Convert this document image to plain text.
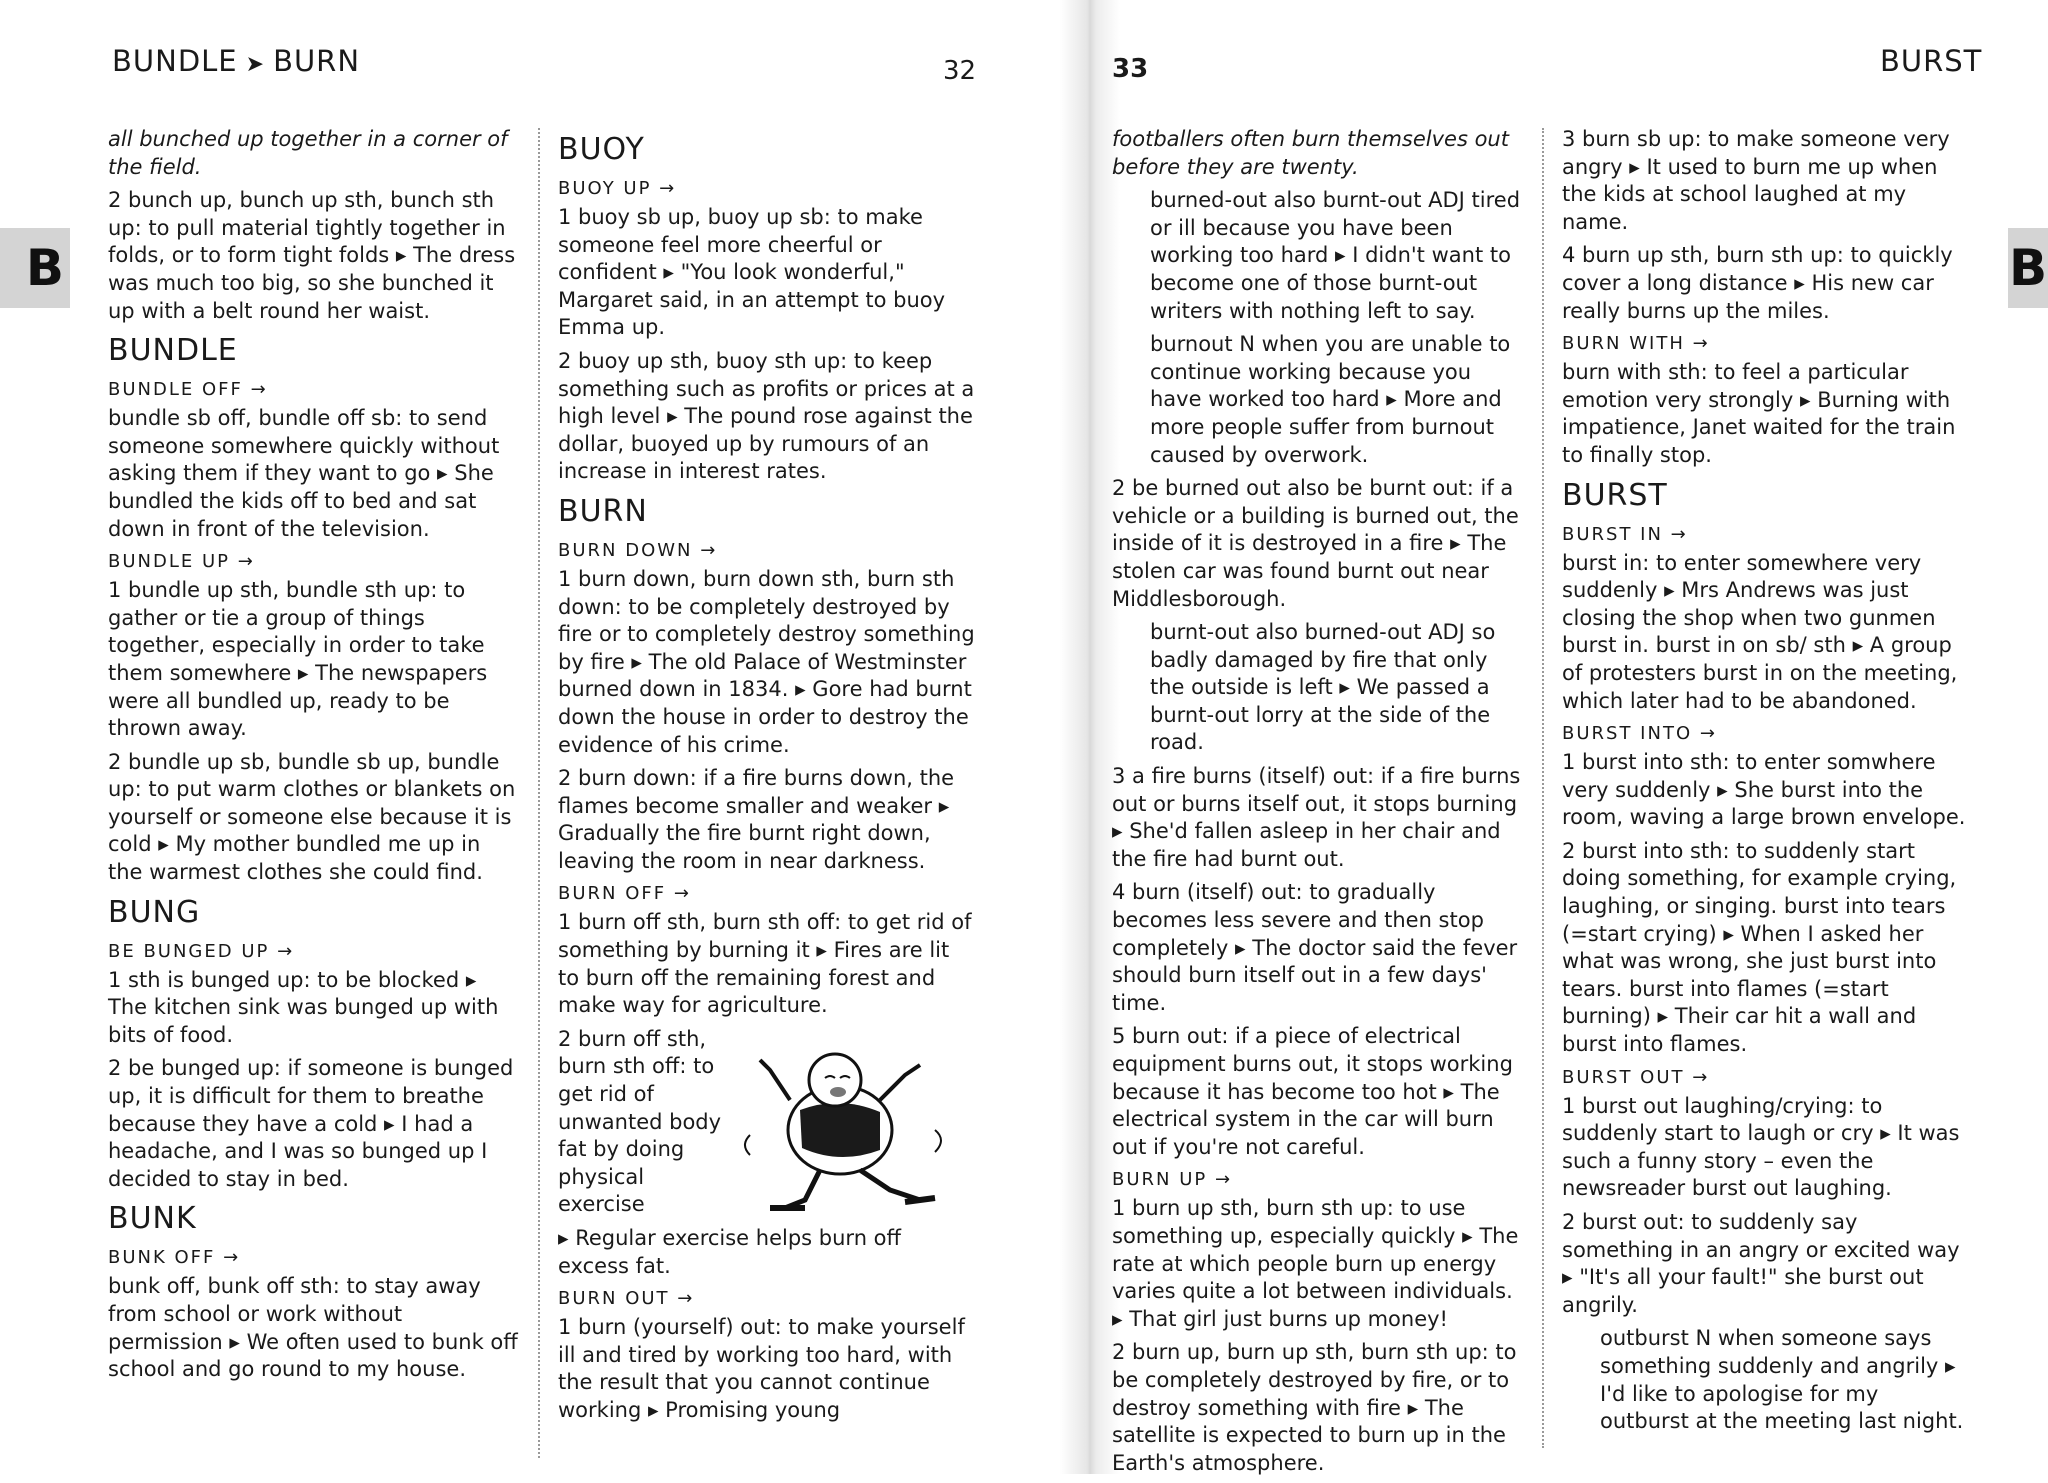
BUNDLE ➤ BURN	32
B
all bunched up together in a corner of the field.
2 bunch up, bunch up sth, bunch sth up: to pull material tightly together in folds, or to form tight folds ▸ The dress was much too big, so she bunched it up with a belt round her waist.
BUNDLE
BUNDLE OFF →
bundle sb off, bundle off sb: to send someone somewhere quickly without asking them if they want to go ▸ She bundled the kids off to bed and sat down in front of the television.
BUNDLE UP →
1 bundle up sth, bundle sth up: to gather or tie a group of things together, especially in order to take them somewhere ▸ The newspapers were all bundled up, ready to be thrown away.
2 bundle up sb, bundle sb up, bundle up: to put warm clothes or blankets on yourself or someone else because it is cold ▸ My mother bundled me up in the warmest clothes she could find.
BUNG
BE BUNGED UP →
1 sth is bunged up: to be blocked ▸ The kitchen sink was bunged up with bits of food.
2 be bunged up: if someone is bunged up, it is difficult for them to breathe because they have a cold ▸ I had a headache, and I was so bunged up I decided to stay in bed.
BUNK
BUNK OFF →
bunk off, bunk off sth: to stay away from school or work without permission ▸ We often used to bunk off school and go round to my house.
BUOY
BUOY UP →
1 buoy sb up, buoy up sb: to make someone feel more cheerful or confident ▸ "You look wonderful," Margaret said, in an attempt to buoy Emma up.
2 buoy up sth, buoy sth up: to keep something such as profits or prices at a high level ▸ The pound rose against the dollar, buoyed up by rumours of an increase in interest rates.
BURN
BURN DOWN →
1 burn down, burn down sth, burn sth down: to be completely destroyed by fire or to completely destroy something by fire ▸ The old Palace of Westminster burned down in 1834. ▸ Gore had burnt down the house in order to destroy the evidence of his crime.
2 burn down: if a fire burns down, the flames become smaller and weaker ▸ Gradually the fire burnt right down, leaving the room in near darkness.
BURN OFF →
1 burn off sth, burn sth off: to get rid of something by burning it ▸ Fires are lit to burn off the remaining forest and make way for agriculture.
2 burn off sth, burn sth off: to get rid of unwanted body fat by doing physical exercise
▸ Regular exercise helps burn off excess fat.
BURN OUT →
1 burn (yourself) out: to make yourself ill and tired by working too hard, with the result that you cannot continue working ▸ Promising young
33	BURST
B
footballers often burn themselves out before they are twenty.
burned-out also burnt-out ADJ tired or ill because you have been working too hard ▸ I didn't want to become one of those burnt-out writers with nothing left to say.
burnout N when you are unable to continue working because you have worked too hard ▸ More and more people suffer from burnout caused by overwork.
2 be burned out also be burnt out: if a vehicle or a building is burned out, the inside of it is destroyed in a fire ▸ The stolen car was found burnt out near Middlesborough.
burnt-out also burned-out ADJ so badly damaged by fire that only the outside is left ▸ We passed a burnt-out lorry at the side of the road.
3 a fire burns (itself) out: if a fire burns out or burns itself out, it stops burning ▸ She'd fallen asleep in her chair and the fire had burnt out.
4 burn (itself) out: to gradually becomes less severe and then stop completely ▸ The doctor said the fever should burn itself out in a few days' time.
5 burn out: if a piece of electrical equipment burns out, it stops working because it has become too hot ▸ The electrical system in the car will burn out if you're not careful.
BURN UP →
1 burn up sth, burn sth up: to use something up, especially quickly ▸ The rate at which people burn up energy varies quite a lot between individuals. ▸ That girl just burns up money!
2 burn up, burn up sth, burn sth up: to be completely destroyed by fire, or to destroy something with fire ▸ The satellite is expected to burn up in the Earth's atmosphere.
3 burn sb up: to make someone very angry ▸ It used to burn me up when the kids at school laughed at my name.
4 burn up sth, burn sth up: to quickly cover a long distance ▸ His new car really burns up the miles.
BURN WITH →
burn with sth: to feel a particular emotion very strongly ▸ Burning with impatience, Janet waited for the train to finally stop.
BURST
BURST IN →
burst in: to enter somewhere very suddenly ▸ Mrs Andrews was just closing the shop when two gunmen burst in. burst in on sb/ sth ▸ A group of protesters burst in on the meeting, which later had to be abandoned.
BURST INTO →
1 burst into sth: to enter somwhere very suddenly ▸ She burst into the room, waving a large brown envelope.
2 burst into sth: to suddenly start doing something, for example crying, laughing, or singing. burst into tears (=start crying) ▸ When I asked her what was wrong, she just burst into tears. burst into flames (=start burning) ▸ Their car hit a wall and burst into flames.
BURST OUT →
1 burst out laughing/crying: to suddenly start to laugh or cry ▸ It was such a funny story – even the newsreader burst out laughing.
2 burst out: to suddenly say something in an angry or excited way ▸ "It's all your fault!" she burst out angrily.
outburst N when someone says something suddenly and angrily ▸ I'd like to apologise for my outburst at the meeting last night.
